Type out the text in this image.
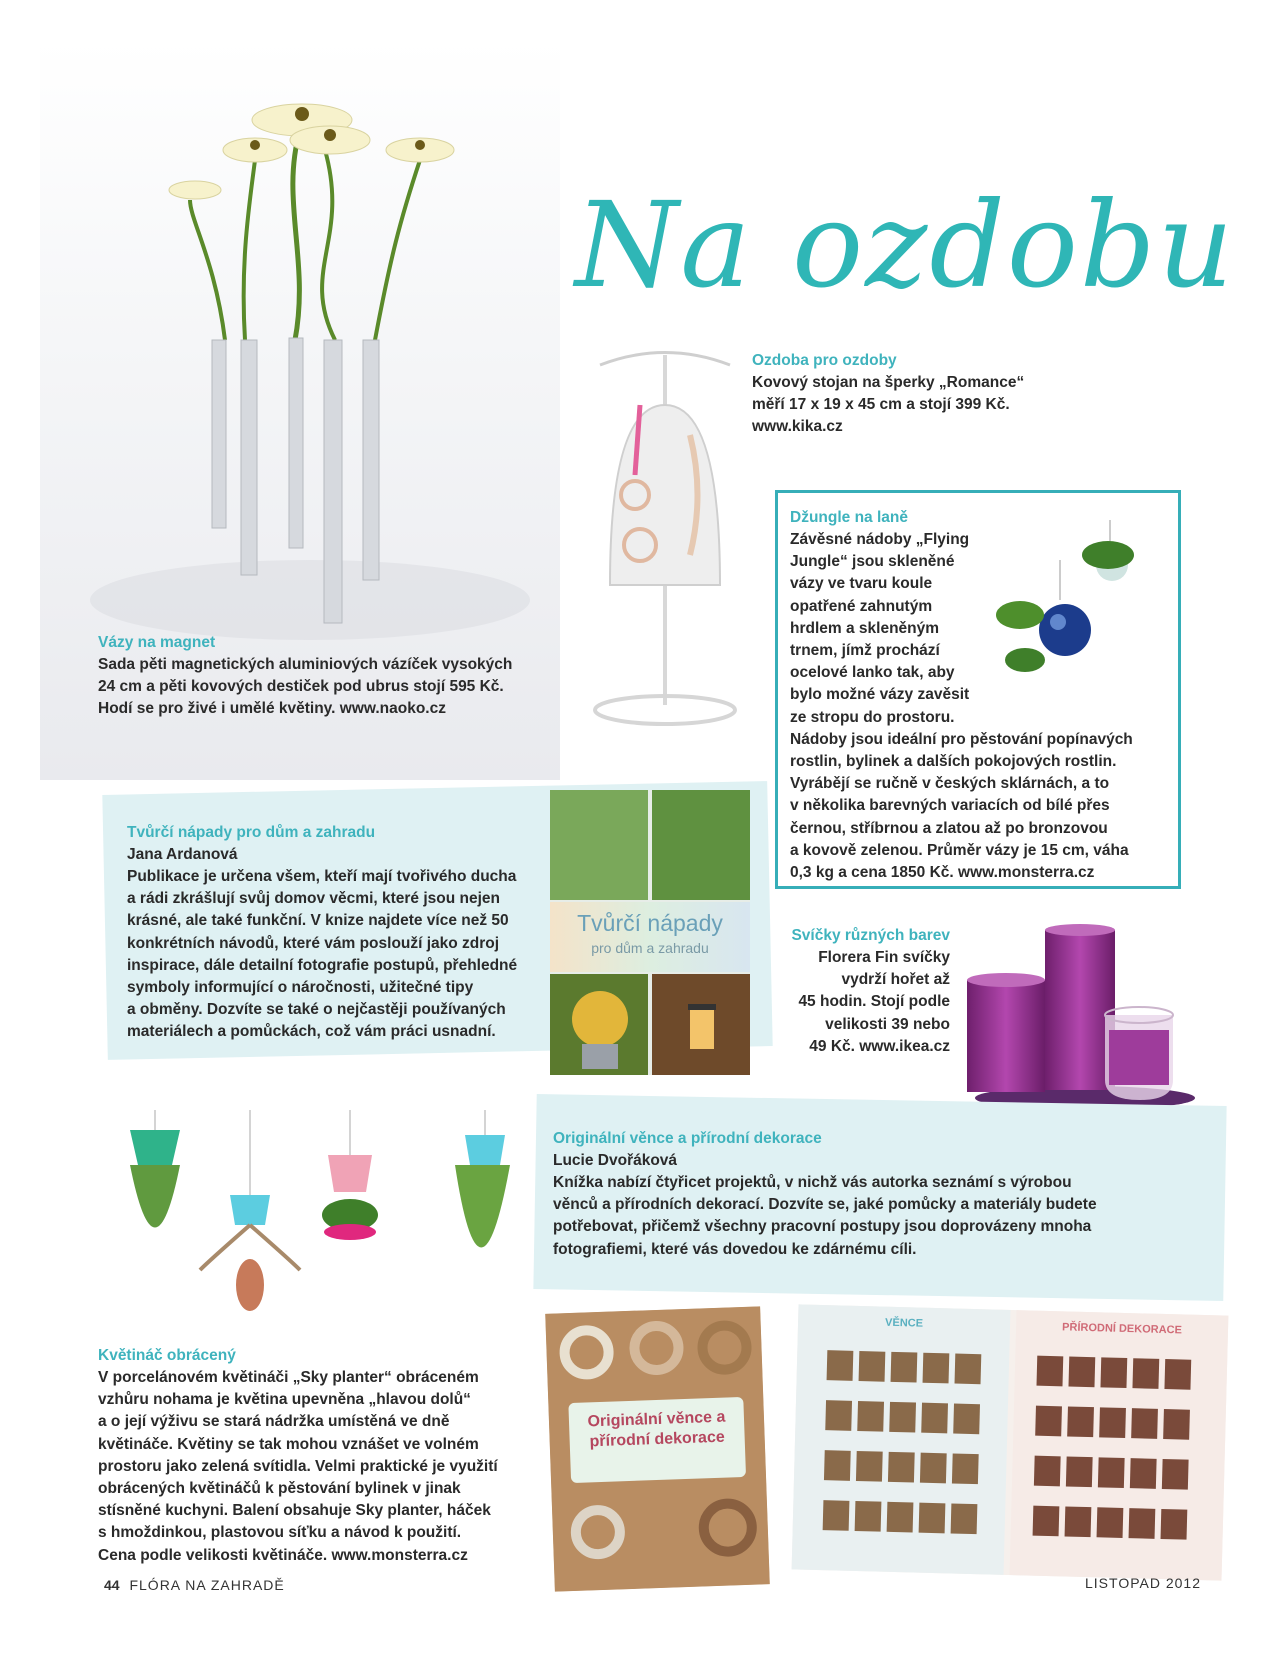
Vázy na magnet

Sada pěti magnetických aluminiových vázíček vysokých

24 cm a pěti kovových destiček pod ubrus stojí 595 Kč.

Hodí se pro živé i umělé květiny. www.naoko.cz

Na ozdobu

Ozdoba pro ozdoby

Kovový stojan na šperky „Romance“

měří 17 x 19 x 45 cm a stojí 399 Kč.

www.kika.cz

Džungle na laně

Závěsné nádoby „Flying

Jungle“ jsou skleněné

vázy ve tvaru koule

opatřené zahnutým

hrdlem a skleněným

trnem, jímž prochází

ocelové lanko tak, aby

bylo možné vázy zavěsit

ze stropu do prostoru.

Nádoby jsou ideální pro pěstování popínavých

rostlin, bylinek a dalších pokojových rostlin.

Vyrábějí se ručně v českých sklárnách, a to

v několika barevných variacích od bílé přes

černou, stříbrnou a zlatou až po bronzovou

a kovově zelenou. Průměr vázy je 15 cm, váha

0,3 kg a cena 1850 Kč. www.monsterra.cz

Tvůrčí nápady pro dům a zahradu

Jana Ardanová

Publikace je určena všem, kteří mají tvořivého ducha

a rádi zkrášlují svůj domov věcmi, které jsou nejen

krásné, ale také funkční. V knize najdete více než 50

konkrétních návodů, které vám poslouží jako zdroj

inspirace, dále detailní fotografie postupů, přehledné

symboly informující o náročnosti, užitečné tipy

a obměny. Dozvíte se také o nejčastěji používaných

materiálech a pomůckách, což vám práci usnadní.

Tvůrčí nápady
pro dům a zahradu

Svíčky různých barev

Florera Fin svíčky

vydrží hořet až

45 hodin. Stojí podle

velikosti 39 nebo

49 Kč. www.ikea.cz

Originální věnce a přírodní dekorace

Lucie Dvořáková

Knížka nabízí čtyřicet projektů, v nichž vás autorka seznámí s výrobou

věnců a přírodních dekorací. Dozvíte se, jaké pomůcky a materiály budete

potřebovat, přičemž všechny pracovní postupy jsou doprovázeny mnoha

fotografiemi, které vás dovedou ke zdárnému cíli.

Květináč obrácený

V porcelánovém květináči „Sky planter“ obráceném

vzhůru nohama je květina upevněna „hlavou dolů“

a o její výživu se stará nádržka umístěná ve dně

květináče. Květiny se tak mohou vznášet ve volném

prostoru jako zelená svítidla. Velmi praktické je využití

obrácených květináčů k pěstování bylinek v jinak

stísněné kuchyni. Balení obsahuje Sky planter, háček

s hmoždinkou, plastovou síťku a návod k použití.

Cena podle velikosti květináče. www.monsterra.cz

Originální věnce a přírodní dekorace
VĚNCE	PŘÍRODNÍ DEKORACE
44 FLÓRA NA ZAHRADĚ	LISTOPAD 2012
